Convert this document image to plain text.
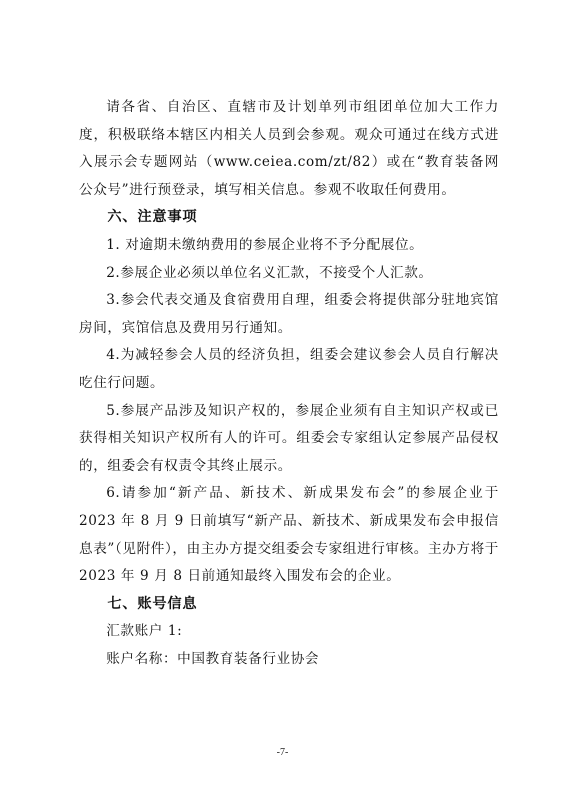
请各省、自治区、直辖市及计划单列市组团单位加大工作力度，积极联络本辖区内相关人员到会参观。观众可通过在线方式进入展示会专题网站（www.ceiea.com/zt/82）或在“教育装备网公众号”进行预登录，填写相关信息。参观不收取任何费用。

六、注意事项

1. 对逾期未缴纳费用的参展企业将不予分配展位。

2.参展企业必须以单位名义汇款，不接受个人汇款。

3.参会代表交通及食宿费用自理，组委会将提供部分驻地宾馆房间，宾馆信息及费用另行通知。

4.为减轻参会人员的经济负担，组委会建议参会人员自行解决吃住行问题。

5.参展产品涉及知识产权的，参展企业须有自主知识产权或已获得相关知识产权所有人的许可。组委会专家组认定参展产品侵权的，组委会有权责令其终止展示。

6.请参加“新产品、新技术、新成果发布会”的参展企业于 2023 年 8 月 9 日前填写“新产品、新技术、新成果发布会申报信息表”（见附件），由主办方提交组委会专家组进行审核。主办方将于 2023 年 9 月 8 日前通知最终入围发布会的企业。

七、账号信息

汇款账户 1:

账户名称：中国教育装备行业协会

-7-
